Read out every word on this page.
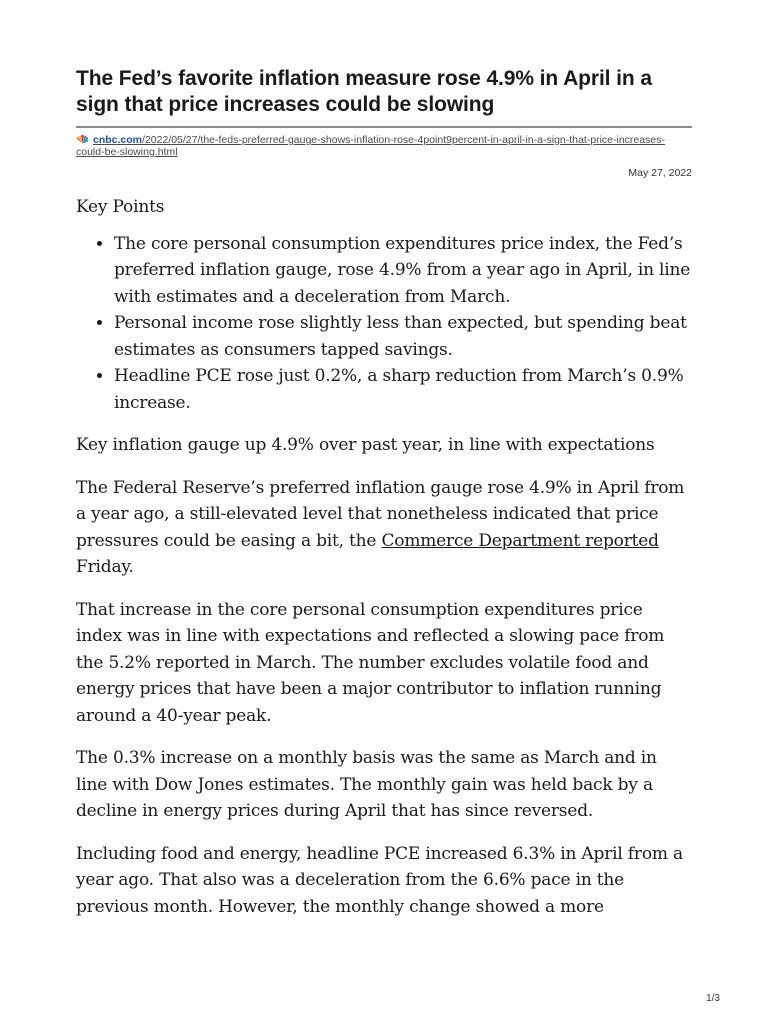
The Fed’s favorite inflation measure rose 4.9% in April in a sign that price increases could be slowing
cnbc.com/2022/05/27/the-feds-preferred-gauge-shows-inflation-rose-4point9percent-in-april-in-a-sign-that-price-increases-could-be-slowing.html
May 27, 2022

Key Points

• The core personal consumption expenditures price index, the Fed’s preferred inflation gauge, rose 4.9% from a year ago in April, in line with estimates and a deceleration from March.
• Personal income rose slightly less than expected, but spending beat estimates as consumers tapped savings.
• Headline PCE rose just 0.2%, a sharp reduction from March’s 0.9% increase.

Key inflation gauge up 4.9% over past year, in line with expectations

The Federal Reserve’s preferred inflation gauge rose 4.9% in April from a year ago, a still-elevated level that nonetheless indicated that price pressures could be easing a bit, the Commerce Department reported Friday.

That increase in the core personal consumption expenditures price index was in line with expectations and reflected a slowing pace from the 5.2% reported in March. The number excludes volatile food and energy prices that have been a major contributor to inflation running around a 40-year peak.

The 0.3% increase on a monthly basis was the same as March and in line with Dow Jones estimates. The monthly gain was held back by a decline in energy prices during April that has since reversed.

Including food and energy, headline PCE increased 6.3% in April from a year ago. That also was a deceleration from the 6.6% pace in the previous month. However, the monthly change showed a more

1/3
